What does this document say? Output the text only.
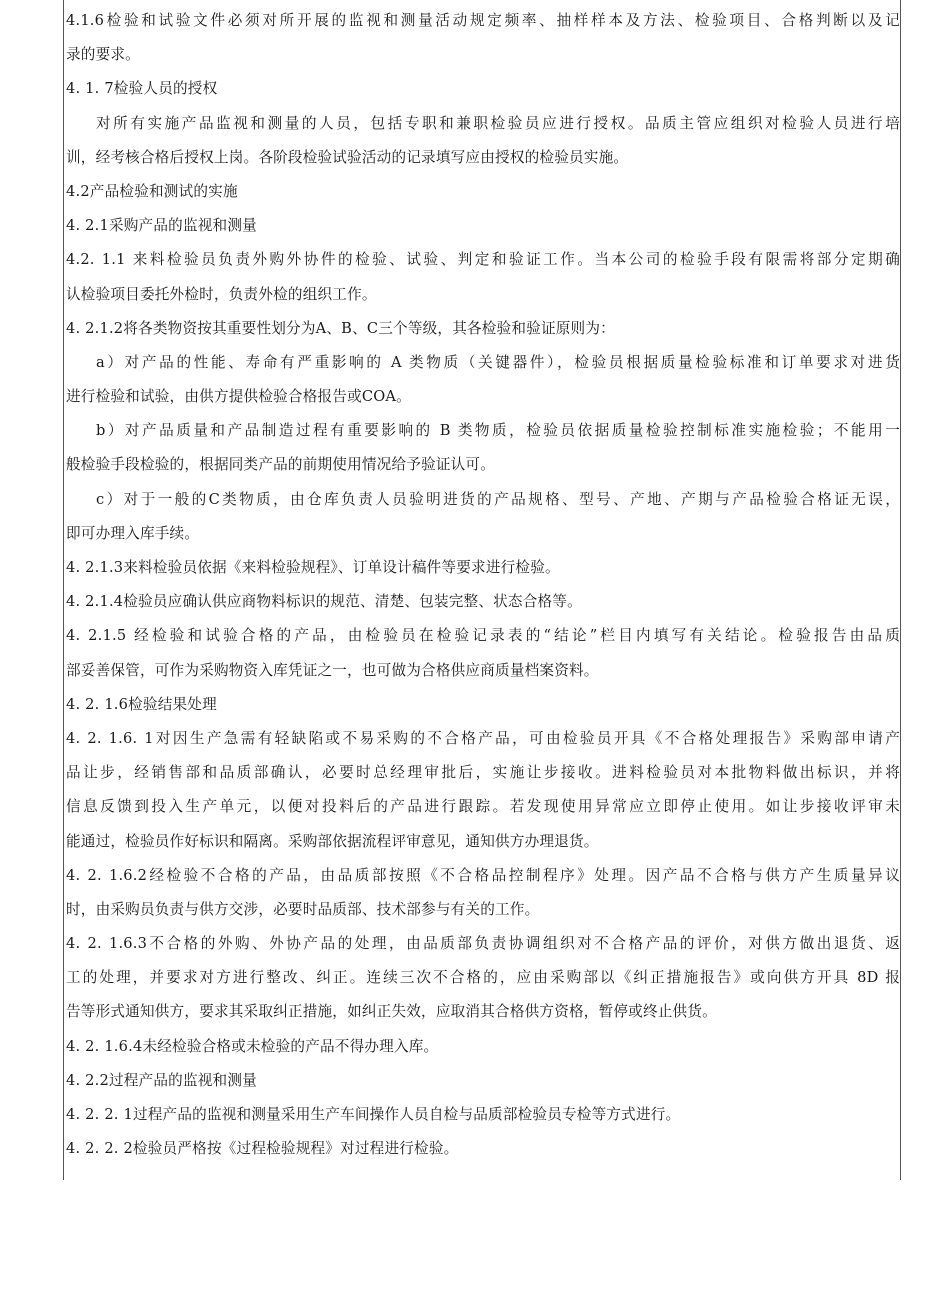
4.1.6检验和试验文件必须对所开展的监视和测量活动规定频率、抽样样本及方法、检验项目、合格判断以及记
录的要求。
4. 1. 7检验人员的授权
对所有实施产品监视和测量的人员，包括专职和兼职检验员应进行授权。品质主管应组织对检验人员进行培
训，经考核合格后授权上岗。各阶段检验试验活动的记录填写应由授权的检验员实施。
4.2产品检验和测试的实施
4. 2.1采购产品的监视和测量
4.2. 1.1 来料检验员负责外购外协件的检验、试验、判定和验证工作。当本公司的检验手段有限需将部分定期确
认检验项目委托外检时，负责外检的组织工作。
4. 2.1.2将各类物资按其重要性划分为A、B、C三个等级，其各检验和验证原则为：
a）对产品的性能、寿命有严重影响的 A 类物质（关键器件），检验员根据质量检验标准和订单要求对进货
进行检验和试验，由供方提供检验合格报告或COA。
b）对产品质量和产品制造过程有重要影响的 B 类物质，检验员依据质量检验控制标准实施检验；不能用一
般检验手段检验的，根据同类产品的前期使用情况给予验证认可。
c）对于一般的C类物质，由仓库负责人员验明进货的产品规格、型号、产地、产期与产品检验合格证无误，
即可办理入库手续。
4. 2.1.3来料检验员依据《来料检验规程》、订单设计稿件等要求进行检验。
4. 2.1.4检验员应确认供应商物料标识的规范、清楚、包装完整、状态合格等。
4. 2.1.5 经检验和试验合格的产品，由检验员在检验记录表的“结论”栏目内填写有关结论。检验报告由品质
部妥善保管，可作为采购物资入库凭证之一，也可做为合格供应商质量档案资料。
4. 2. 1.6检验结果处理
4. 2. 1.6. 1对因生产急需有轻缺陷或不易采购的不合格产品，可由检验员开具《不合格处理报告》采购部申请产
品让步，经销售部和品质部确认，必要时总经理审批后，实施让步接收。进料检验员对本批物料做出标识，并将
信息反馈到投入生产单元，以便对投料后的产品进行跟踪。若发现使用异常应立即停止使用。如让步接收评审未
能通过，检验员作好标识和隔离。采购部依据流程评审意见，通知供方办理退货。
4. 2. 1.6.2经检验不合格的产品，由品质部按照《不合格品控制程序》处理。因产品不合格与供方产生质量异议
时，由采购员负责与供方交涉，必要时品质部、技术部参与有关的工作。
4. 2. 1.6.3不合格的外购、外协产品的处理，由品质部负责协调组织对不合格产品的评价，对供方做出退货、返
工的处理，并要求对方进行整改、纠正。连续三次不合格的，应由采购部以《纠正措施报告》或向供方开具 8D 报
告等形式通知供方，要求其采取纠正措施，如纠正失效，应取消其合格供方资格，暂停或终止供货。
4. 2. 1.6.4未经检验合格或未检验的产品不得办理入库。
4. 2.2过程产品的监视和测量
4. 2. 2. 1过程产品的监视和测量采用生产车间操作人员自检与品质部检验员专检等方式进行。
4. 2. 2. 2检验员严格按《过程检验规程》对过程进行检验。
